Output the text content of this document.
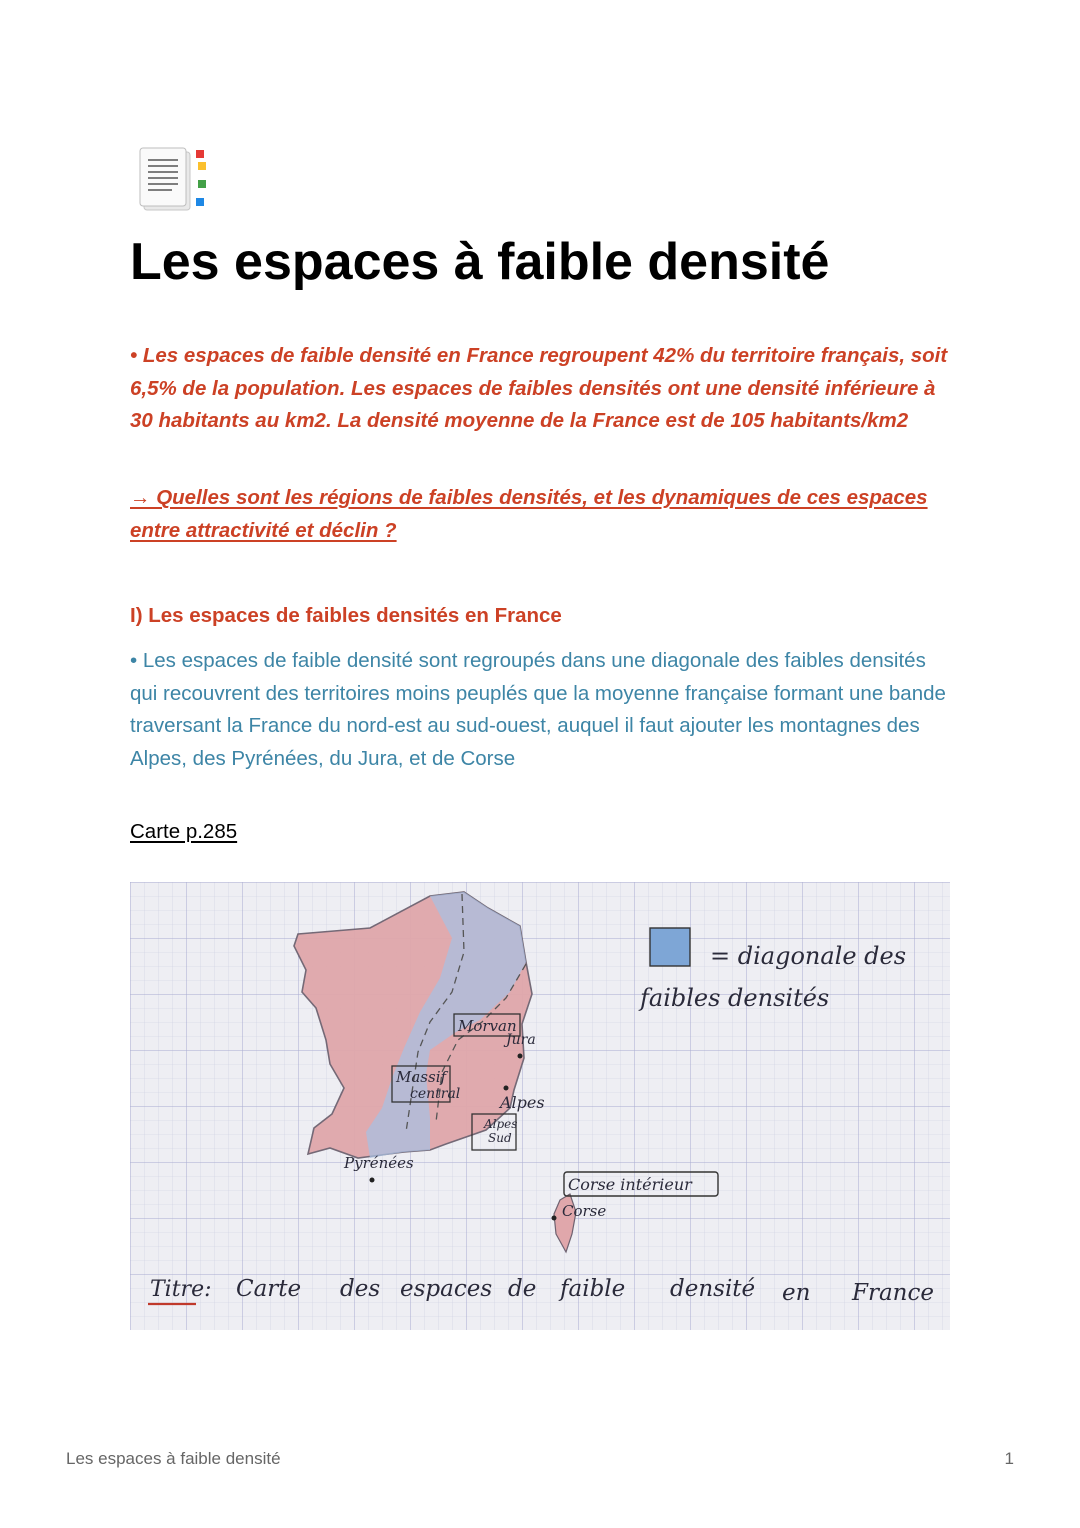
Les espaces à faible densité

• Les espaces de faible densité en France regroupent 42% du territoire français, soit 6,5% de la population. Les espaces de faibles densités ont une densité inférieure à 30 habitants au km2. La densité moyenne de la France est de 105 habitants/km2

→ Quelles sont les régions de faibles densités, et les dynamiques de ces espaces entre attractivité et déclin ?

I) Les espaces de faibles densités en France

• Les espaces de faible densité sont regroupés dans une diagonale des faibles densités qui recouvrent des territoires moins peuplés que la moyenne française formant une bande traversant la France du nord-est au sud-ouest, auquel il faut ajouter les montagnes des Alpes, des Pyrénées, du Jura, et de Corse

Carte p.285

Morvan
Jura
Massif
central Alpes
Alpes
Sud
Pyrénées
Corse intérieur
Corse
= diagonale des
faibles densités
Titre: Carte des espaces de faible densité en France
Les espaces à faible densité	1
